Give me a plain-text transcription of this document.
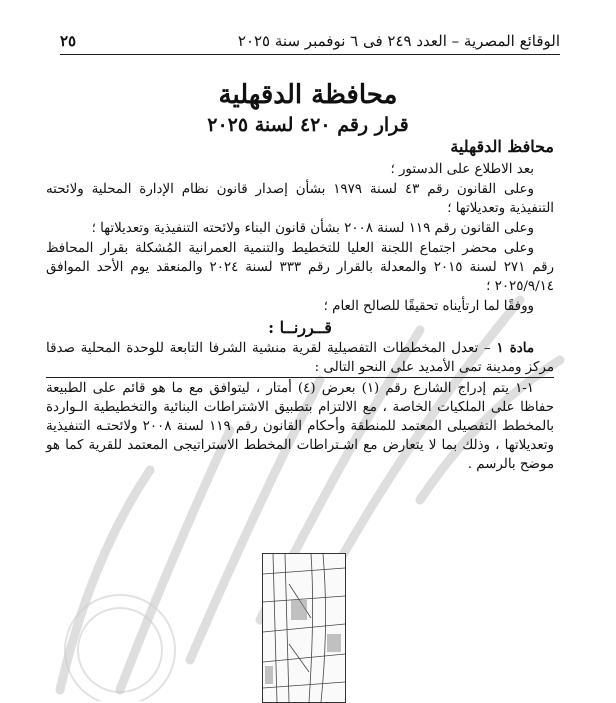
الوقائع المصرية – العدد ٢٤٩ فى ٦ نوفمبر سنة ٢٠٢٥
٢٥
محافظة الدقهلية
قرار رقم ٤٢٠ لسنة ٢٠٢٥
محافظ الدقهلية

بعد الاطلاع على الدستور ؛

وعلى القانون رقم ٤٣ لسنة ١٩٧٩ بشأن إصدار قانون نظام الإدارة المحلية ولائحته التنفيذية وتعديلاتها ؛

وعلى القانون رقم ١١٩ لسنة ٢٠٠٨ بشأن قانون البناء ولائحته التنفيذية وتعديلاتها ؛

وعلى محضر اجتماع اللجنة العليا للتخطيط والتنمية العمرانية المُشكلة بقرار المحافظ رقم ٢٧١ لسنة ٢٠١٥ والمعدلة بالقرار رقم ٣٣٣ لسنة ٢٠٢٤ والمنعقد يوم الأحد الموافق ٢٠٢٥/٩/١٤ ؛

ووفقًا لما ارتأيناه تحقيقًا للصالح العام ؛

قــررنــا :

مادة ١ – تعدل المخططات التفصيلية لقرية منشية الشرفا التابعة للوحدة المحلية صدقا مركز ومدينة تمى الأمديد على النحو التالى :

١-١ يتم إدراج الشارع رقم (١) بعرض (٤) أمتار ، ليتوافق مع ما هو قائم على الطبيعة حفاظا على الملكيات الخاصة ، مع الالتزام بتطبيق الاشتراطات البنائية والتخطيطية الـواردة بالمخطط التفصيلى المعتمد للمنطقة وأحكام القانون رقم ١١٩ لسنة ٢٠٠٨ ولائحتـه التنفيذية وتعديلاتها ، وذلك بما لا يتعارض مع اشـتراطات المخطط الاستراتيجى المعتمد للقرية كما هو موضح بالرسم .
